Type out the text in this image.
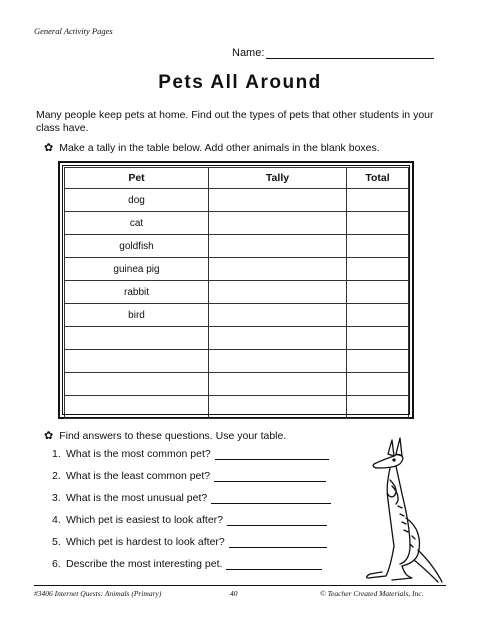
General Activity Pages
Name:
Pets All Around
Many people keep pets at home. Find out the types of pets that other students in your class have.
✿ Make a tally in the table below. Add other animals in the blank boxes.
Pet	Tally	Total
dog		
cat		
goldfish		
guinea pig		
rabbit		
bird		

✿ Find answers to these questions. Use your table.
1. What is the most common pet?
2. What is the least common pet?
3. What is the most unusual pet?
4. Which pet is easiest to look after?
5. Which pet is hardest to look after?
6. Describe the most interesting pet.
#3406 Internet Quests: Animals (Primary)	40	© Teacher Created Materials, Inc.
